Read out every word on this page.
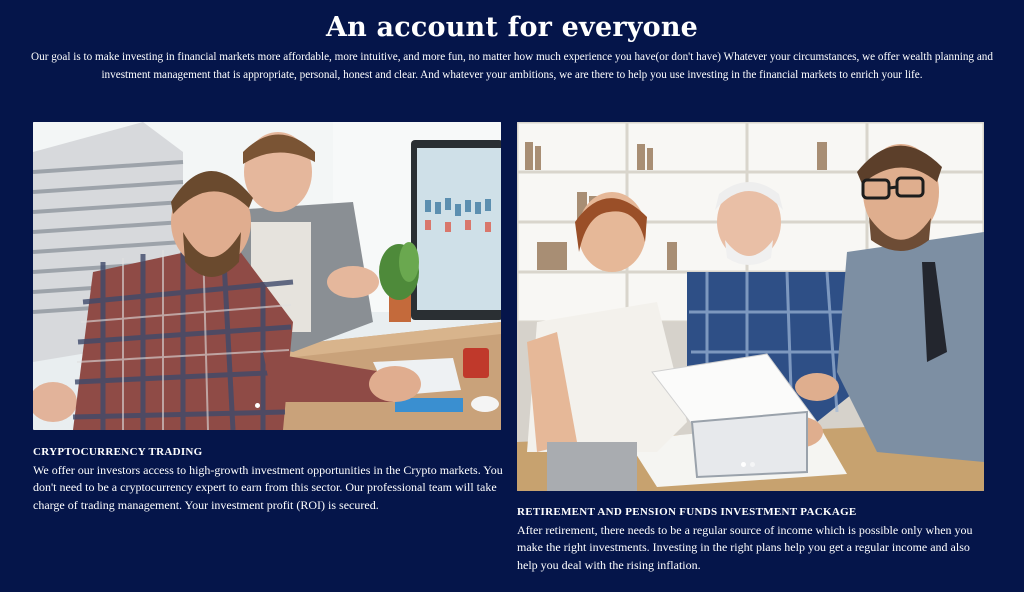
An account for everyone

Our goal is to make investing in financial markets more affordable, more intuitive, and more fun, no matter how much experience you have(or don't have) Whatever your circumstances, we offer wealth planning and investment management that is appropriate, personal, honest and clear. And whatever your ambitions, we are there to help you use investing in the financial markets to enrich your life.

CRYPTOCURRENCY TRADING

We offer our investors access to high-growth investment opportunities in the Crypto markets. You don't need to be a cryptocurrency expert to earn from this sector. Our professional team will take charge of trading management. Your investment profit (ROI) is secured.

RETIREMENT AND PENSION FUNDS INVESTMENT PACKAGE

After retirement, there needs to be a regular source of income which is possible only when you make the right investments. Investing in the right plans help you get a regular income and also help you deal with the rising inflation.
